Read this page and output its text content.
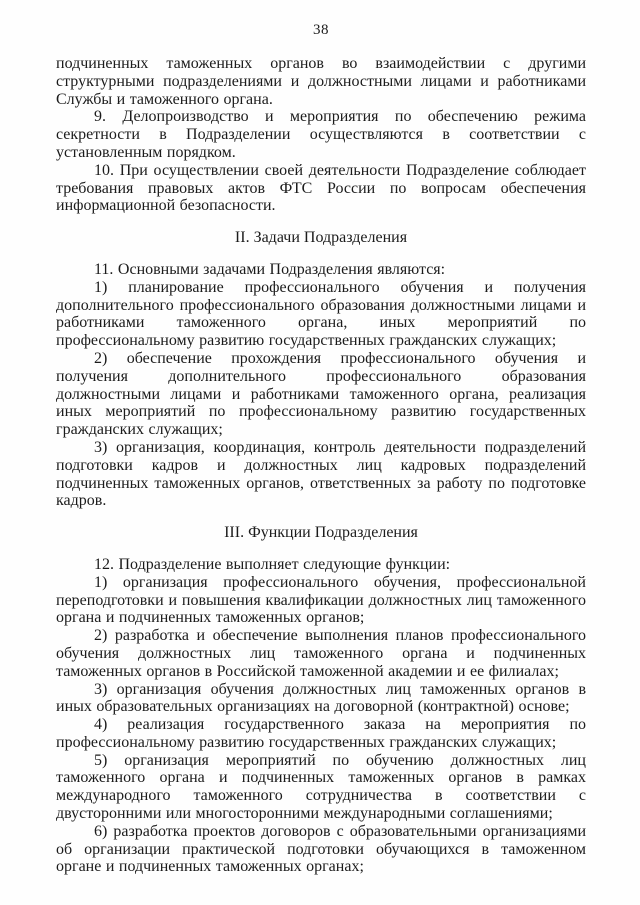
38

подчиненных таможенных органов во взаимодействии с другими структурными подразделениями и должностными лицами и работниками Службы и таможенного органа.

9. Делопроизводство и мероприятия по обеспечению режима секретности в Подразделении осуществляются в соответствии с установленным порядком.

10. При осуществлении своей деятельности Подразделение соблюдает требования правовых актов ФТС России по вопросам обеспечения информационной безопасности.

II. Задачи Подразделения

11. Основными задачами Подразделения являются:

1) планирование профессионального обучения и получения дополнительного профессионального образования должностными лицами и работниками таможенного органа, иных мероприятий по профессиональному развитию государственных гражданских служащих;

2) обеспечение прохождения профессионального обучения и получения дополнительного профессионального образования должностными лицами и работниками таможенного органа, реализация иных мероприятий по профессиональному развитию государственных гражданских служащих;

3) организация, координация, контроль деятельности подразделений подготовки кадров и должностных лиц кадровых подразделений подчиненных таможенных органов, ответственных за работу по подготовке кадров.

III. Функции Подразделения

12. Подразделение выполняет следующие функции:

1) организация профессионального обучения, профессиональной переподготовки и повышения квалификации должностных лиц таможенного органа и подчиненных таможенных органов;

2) разработка и обеспечение выполнения планов профессионального обучения должностных лиц таможенного органа и подчиненных таможенных органов в Российской таможенной академии и ее филиалах;

3) организация обучения должностных лиц таможенных органов в иных образовательных организациях на договорной (контрактной) основе;

4) реализация государственного заказа на мероприятия по профессиональному развитию государственных гражданских служащих;

5) организация мероприятий по обучению должностных лиц таможенного органа и подчиненных таможенных органов в рамках международного таможенного сотрудничества в соответствии с двусторонними или многосторонними международными соглашениями;

6) разработка проектов договоров с образовательными организациями об организации практической подготовки обучающихся в таможенном органе и подчиненных таможенных органах;
